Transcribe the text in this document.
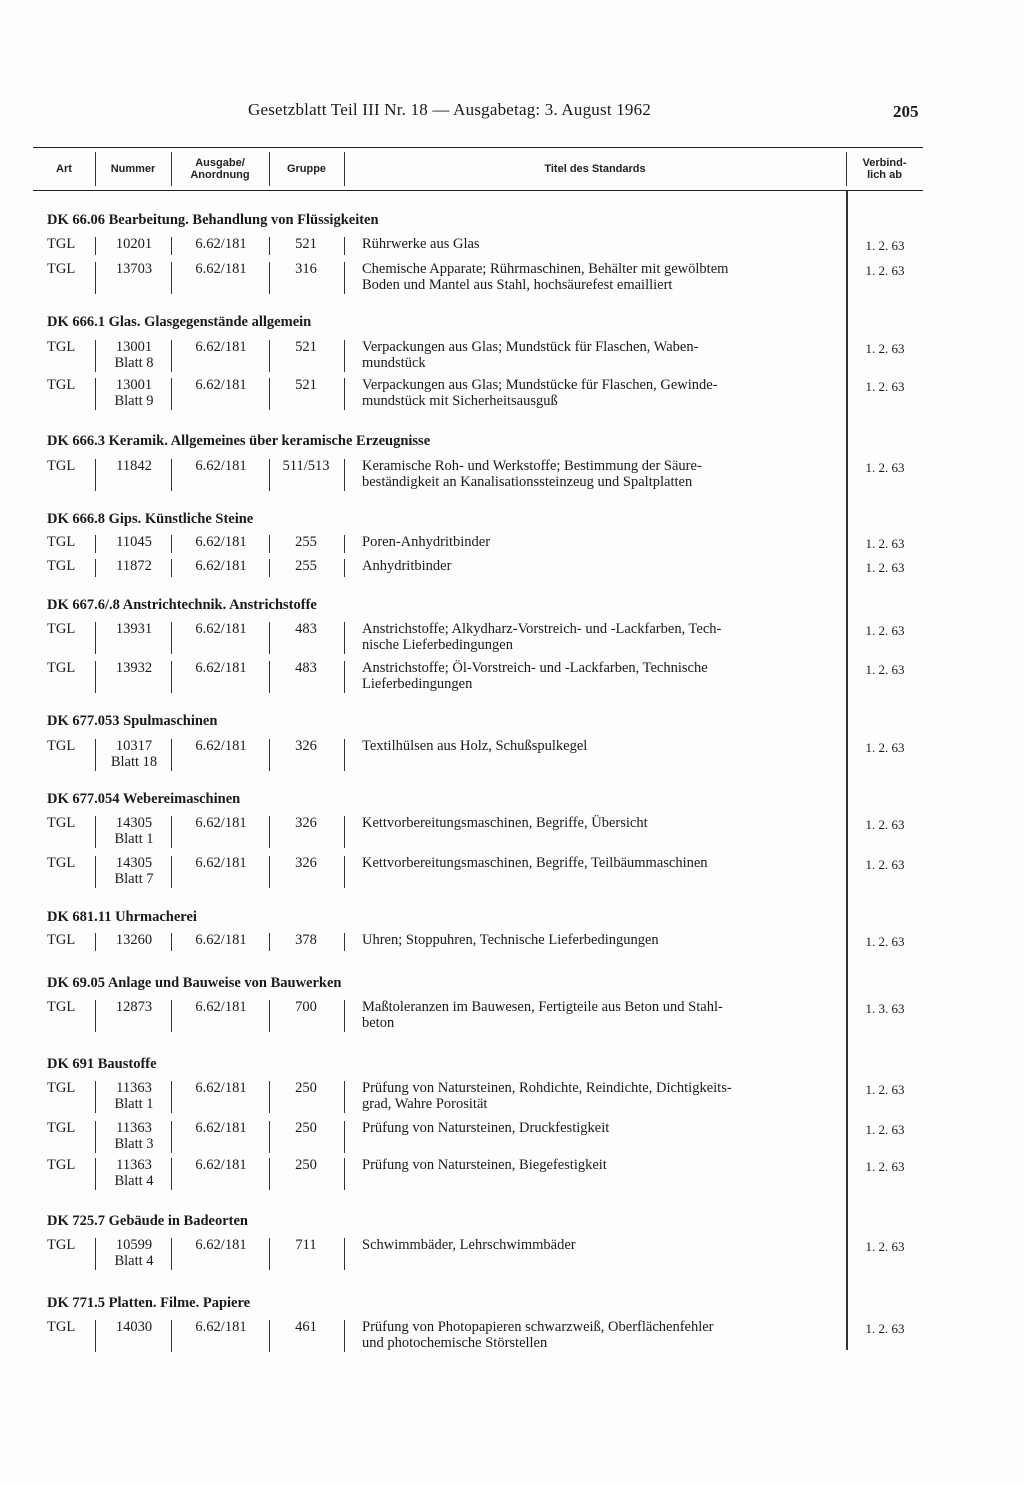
Gesetzblatt Teil III Nr. 18 — Ausgabetag: 3. August 1962	205
Art	Nummer	Ausgabe/
Anordnung	Gruppe	Titel des Standards	Verbind-
lich ab
DK 66.06 Bearbeitung. Behandlung von Flüssigkeiten
TGL	10201	6.62/181	521	Rührwerke aus Glas	1. 2. 63
TGL	13703	6.62/181	316	Chemische Apparate; Rührmaschinen, Behälter mit gewölbtem
Boden und Mantel aus Stahl, hochsäurefest emailliert
1. 2. 63
DK 666.1 Glas. Glasgegenstände allgemein
TGL	13001
Blatt 8
6.62/181	521	Verpackungen aus Glas; Mundstück für Flaschen, Waben-
mundstück
1. 2. 63
TGL	13001
Blatt 9
6.62/181	521	Verpackungen aus Glas; Mundstücke für Flaschen, Gewinde-
mundstück mit Sicherheitsausguß
1. 2. 63
DK 666.3 Keramik. Allgemeines über keramische Erzeugnisse
TGL	11842	6.62/181	511/513	Keramische Roh- und Werkstoffe; Bestimmung der Säure-
beständigkeit an Kanalisationssteinzeug und Spaltplatten
1. 2. 63
DK 666.8 Gips. Künstliche Steine
TGL	11045	6.62/181	255	Poren-Anhydritbinder	1. 2. 63
TGL	11872	6.62/181	255	Anhydritbinder	1. 2. 63
DK 667.6/.8 Anstrichtechnik. Anstrichstoffe
TGL	13931	6.62/181	483	Anstrichstoffe; Alkydharz-Vorstreich- und -Lackfarben, Tech-
nische Lieferbedingungen
1. 2. 63
TGL	13932	6.62/181	483	Anstrichstoffe; Öl-Vorstreich- und -Lackfarben, Technische
Lieferbedingungen
1. 2. 63
DK 677.053 Spulmaschinen
TGL	10317
Blatt 18
6.62/181	326	Textilhülsen aus Holz, Schußspulkegel	1. 2. 63
DK 677.054 Webereimaschinen
TGL	14305
Blatt 1
6.62/181	326	Kettvorbereitungsmaschinen, Begriffe, Übersicht	1. 2. 63
TGL	14305
Blatt 7
6.62/181	326	Kettvorbereitungsmaschinen, Begriffe, Teilbäummaschinen	1. 2. 63
DK 681.11 Uhrmacherei
TGL	13260	6.62/181	378	Uhren; Stoppuhren, Technische Lieferbedingungen	1. 2. 63
DK 69.05 Anlage und Bauweise von Bauwerken
TGL	12873	6.62/181	700	Maßtoleranzen im Bauwesen, Fertigteile aus Beton und Stahl-
beton
1. 3. 63
DK 691 Baustoffe
TGL	11363
Blatt 1
6.62/181	250	Prüfung von Natursteinen, Rohdichte, Reindichte, Dichtigkeits-
grad, Wahre Porosität
1. 2. 63
TGL	11363
Blatt 3
6.62/181	250	Prüfung von Natursteinen, Druckfestigkeit	1. 2. 63
TGL	11363
Blatt 4
6.62/181	250	Prüfung von Natursteinen, Biegefestigkeit	1. 2. 63
DK 725.7 Gebäude in Badeorten
TGL	10599
Blatt 4
6.62/181	711	Schwimmbäder, Lehrschwimmbäder	1. 2. 63
DK 771.5 Platten. Filme. Papiere
TGL	14030	6.62/181	461	Prüfung von Photopapieren schwarzweiß, Oberflächenfehler
und photochemische Störstellen
1. 2. 63
